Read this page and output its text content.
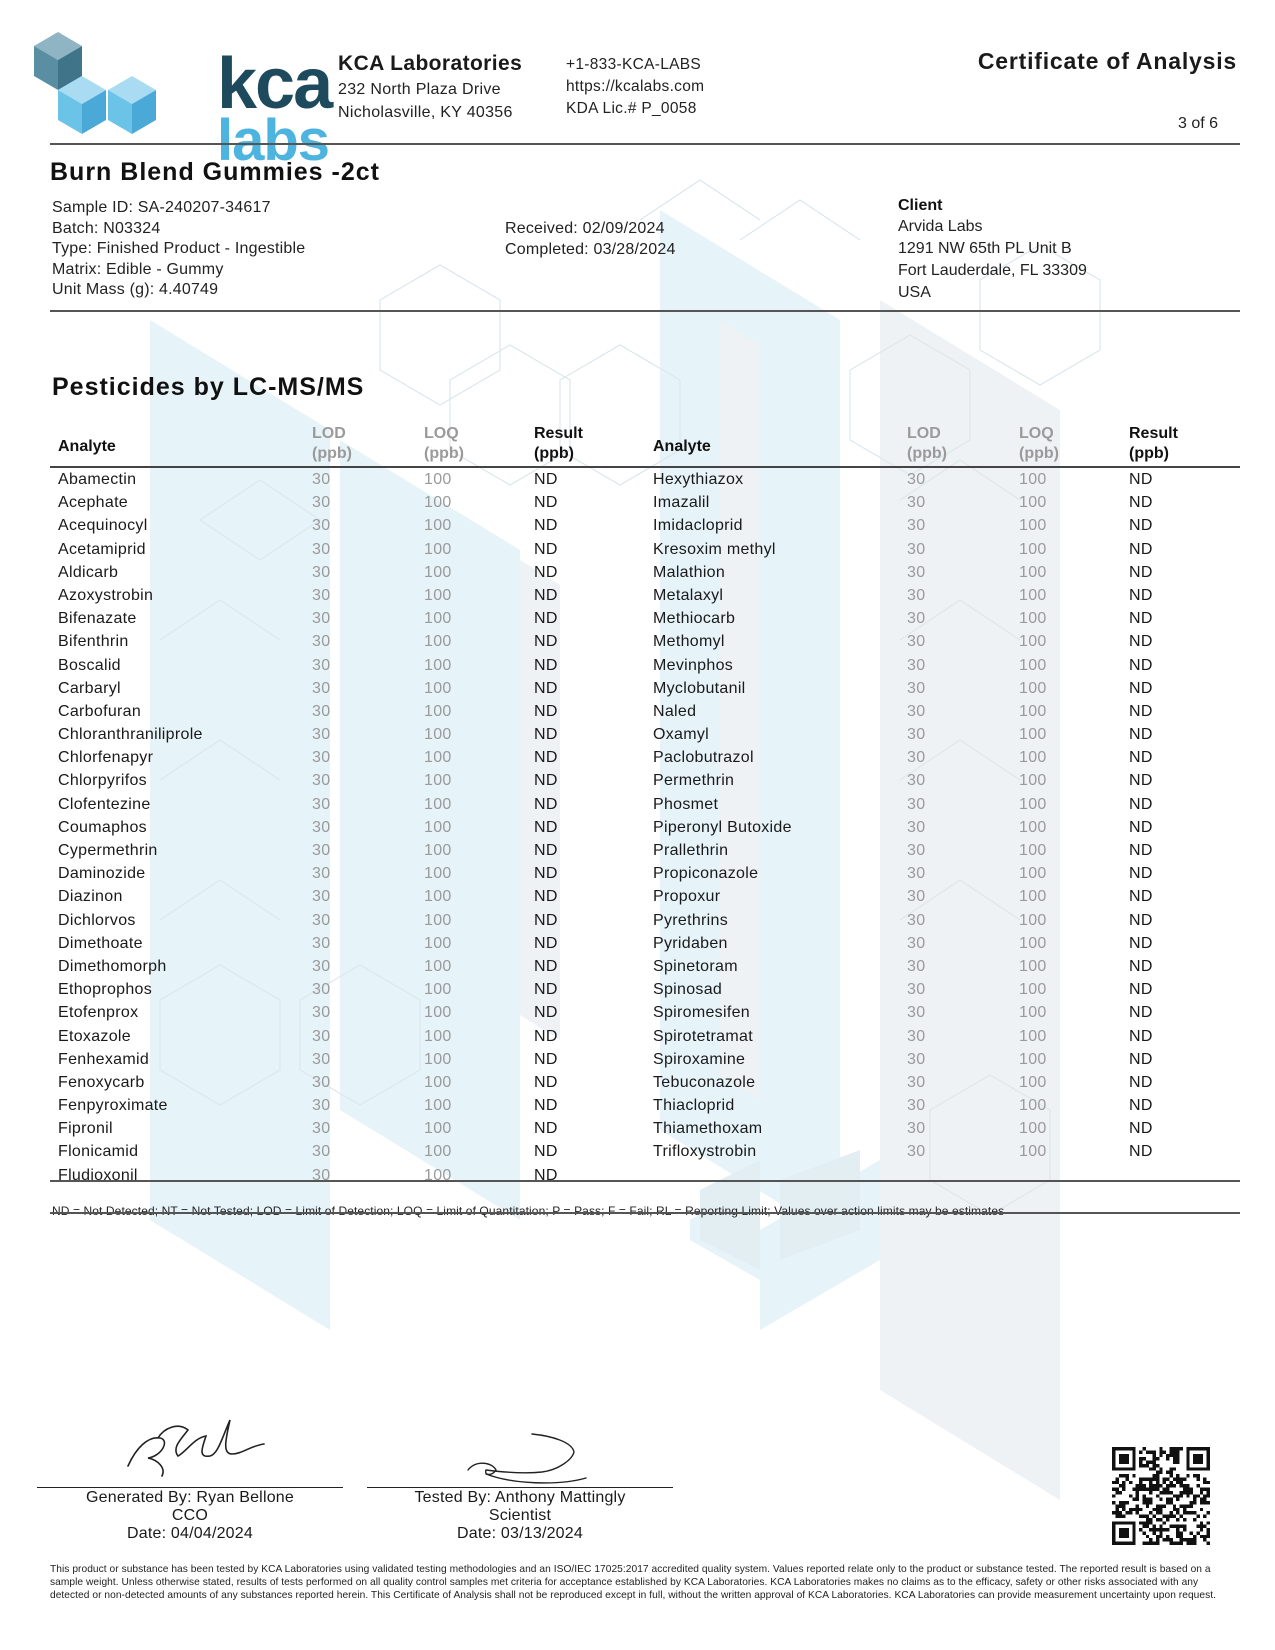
kca
labs
KCA Laboratories
232 North Plaza Drive
Nicholasville, KY 40356
+1-833-KCA-LABS
https://kcalabs.com
KDA Lic.# P_0058
Certificate of Analysis
3 of 6
Burn Blend Gummies -2ct
Sample ID: SA-240207-34617
Batch: N03324
Type: Finished Product - Ingestible
Matrix: Edible - Gummy
Unit Mass (g): 4.40749
Received: 02/09/2024
Completed: 03/28/2024
Client
Arvida Labs
1291 NW 65th PL Unit B
Fort Lauderdale, FL 33309
USA
Pesticides by LC-MS/MS
Analyte
LOD
(ppb)
LOQ
(ppb)
Result
(ppb)
Abamectin	30	100	ND
Acephate	30	100	ND
Acequinocyl	30	100	ND
Acetamiprid	30	100	ND
Aldicarb	30	100	ND
Azoxystrobin	30	100	ND
Bifenazate	30	100	ND
Bifenthrin	30	100	ND
Boscalid	30	100	ND
Carbaryl	30	100	ND
Carbofuran	30	100	ND
Chloranthraniliprole	30	100	ND
Chlorfenapyr	30	100	ND
Chlorpyrifos	30	100	ND
Clofentezine	30	100	ND
Coumaphos	30	100	ND
Cypermethrin	30	100	ND
Daminozide	30	100	ND
Diazinon	30	100	ND
Dichlorvos	30	100	ND
Dimethoate	30	100	ND
Dimethomorph	30	100	ND
Ethoprophos	30	100	ND
Etofenprox	30	100	ND
Etoxazole	30	100	ND
Fenhexamid	30	100	ND
Fenoxycarb	30	100	ND
Fenpyroximate	30	100	ND
Fipronil	30	100	ND
Flonicamid	30	100	ND
Fludioxonil	30	100	ND
Analyte
LOD
(ppb)
LOQ
(ppb)
Result
(ppb)
Hexythiazox	30	100	ND
Imazalil	30	100	ND
Imidacloprid	30	100	ND
Kresoxim methyl	30	100	ND
Malathion	30	100	ND
Metalaxyl	30	100	ND
Methiocarb	30	100	ND
Methomyl	30	100	ND
Mevinphos	30	100	ND
Myclobutanil	30	100	ND
Naled	30	100	ND
Oxamyl	30	100	ND
Paclobutrazol	30	100	ND
Permethrin	30	100	ND
Phosmet	30	100	ND
Piperonyl Butoxide	30	100	ND
Prallethrin	30	100	ND
Propiconazole	30	100	ND
Propoxur	30	100	ND
Pyrethrins	30	100	ND
Pyridaben	30	100	ND
Spinetoram	30	100	ND
Spinosad	30	100	ND
Spiromesifen	30	100	ND
Spirotetramat	30	100	ND
Spiroxamine	30	100	ND
Tebuconazole	30	100	ND
Thiacloprid	30	100	ND
Thiamethoxam	30	100	ND
Trifloxystrobin	30	100	ND
ND = Not Detected; NT = Not Tested; LOD = Limit of Detection; LOQ = Limit of Quantitation; P = Pass; F = Fail; RL = Reporting Limit; Values over action limits may be estimates
Generated By: Ryan Bellone
CCO
Date: 04/04/2024
Tested By: Anthony Mattingly
Scientist
Date: 03/13/2024
This product or substance has been tested by KCA Laboratories using validated testing methodologies and an ISO/IEC 17025:2017 accredited quality system. Values reported relate only to the product or substance tested. The reported result is based on a sample weight. Unless otherwise stated, results of tests performed on all quality control samples met criteria for acceptance established by KCA Laboratories. KCA Laboratories makes no claims as to the efficacy, safety or other risks associated with any detected or non-detected amounts of any substances reported herein. This Certificate of Analysis shall not be reproduced except in full, without the written approval of KCA Laboratories. KCA Laboratories can provide measurement uncertainty upon request.
